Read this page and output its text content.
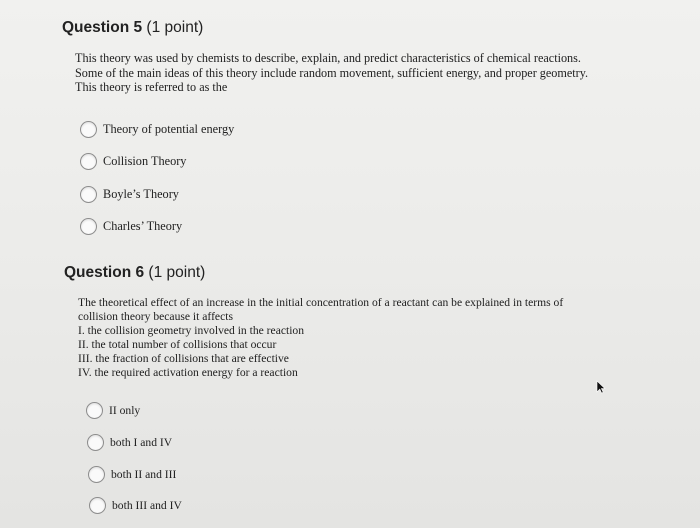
Question 5 (1 point)
This theory was used by chemists to describe, explain, and predict characteristics of chemical reactions.
Some of the main ideas of this theory include random movement, sufficient energy, and proper geometry.
This theory is referred to as the
Theory of potential energy
Collision Theory
Boyle’s Theory
Charles’ Theory
Question 6 (1 point)
The theoretical effect of an increase in the initial concentration of a reactant can be explained in terms of
collision theory because it affects
I. the collision geometry involved in the reaction
II. the total number of collisions that occur
III. the fraction of collisions that are effective
IV. the required activation energy for a reaction
II only
both I and IV
both II and III
both III and IV
